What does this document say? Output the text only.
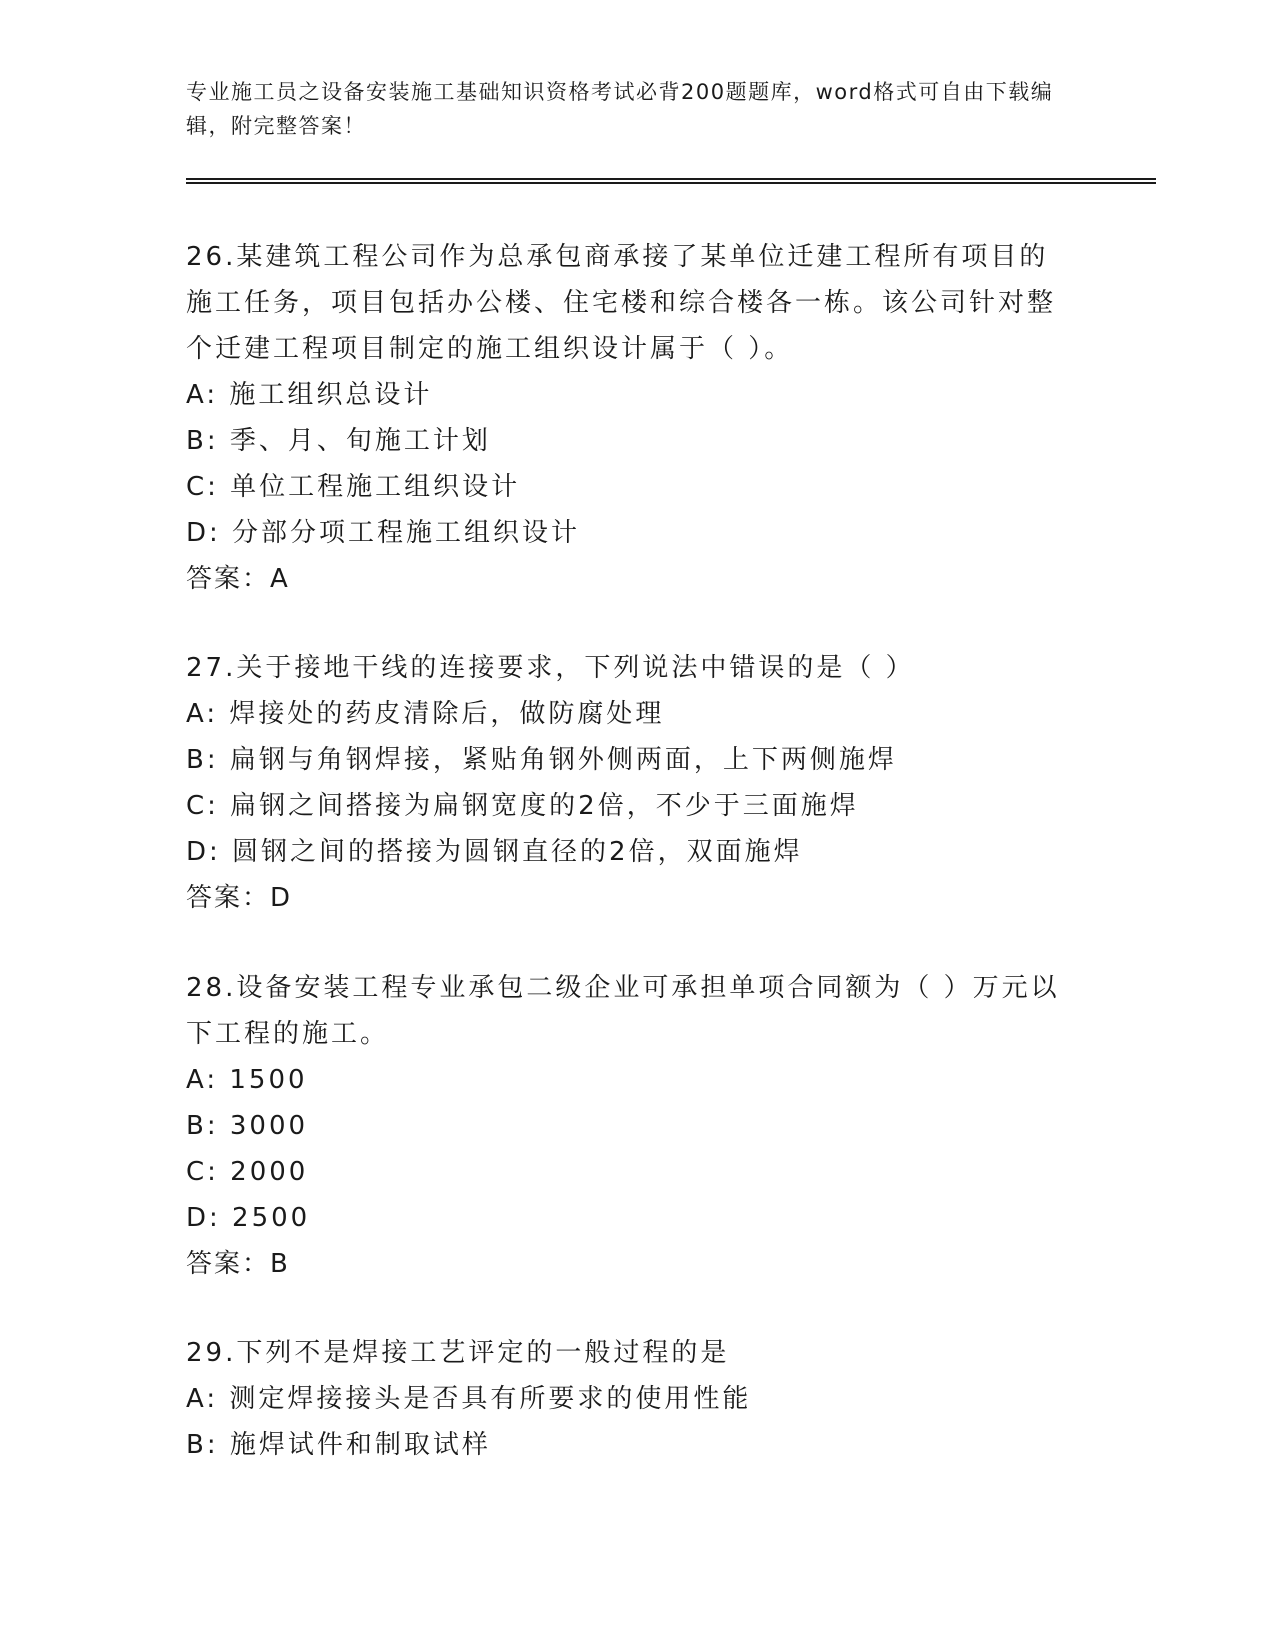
专业施工员之设备安装施工基础知识资格考试必背200题题库，word格式可自由下载编辑，附完整答案！

26.某建筑工程公司作为总承包商承接了某单位迁建工程所有项目的施工任务，项目包括办公楼、住宅楼和综合楼各一栋。该公司针对整个迁建工程项目制定的施工组织设计属于（ ）。

A: 施工组织总设计

B: 季、月、旬施工计划

C: 单位工程施工组织设计

D: 分部分项工程施工组织设计

答案：A

27.关于接地干线的连接要求，下列说法中错误的是（ ）

A: 焊接处的药皮清除后，做防腐处理

B: 扁钢与角钢焊接，紧贴角钢外侧两面，上下两侧施焊

C: 扁钢之间搭接为扁钢宽度的2倍，不少于三面施焊

D: 圆钢之间的搭接为圆钢直径的2倍，双面施焊

答案：D

28.设备安装工程专业承包二级企业可承担单项合同额为（ ）万元以下工程的施工。

A: 1500

B: 3000

C: 2000

D: 2500

答案：B

29.下列不是焊接工艺评定的一般过程的是

A: 测定焊接接头是否具有所要求的使用性能

B: 施焊试件和制取试样
